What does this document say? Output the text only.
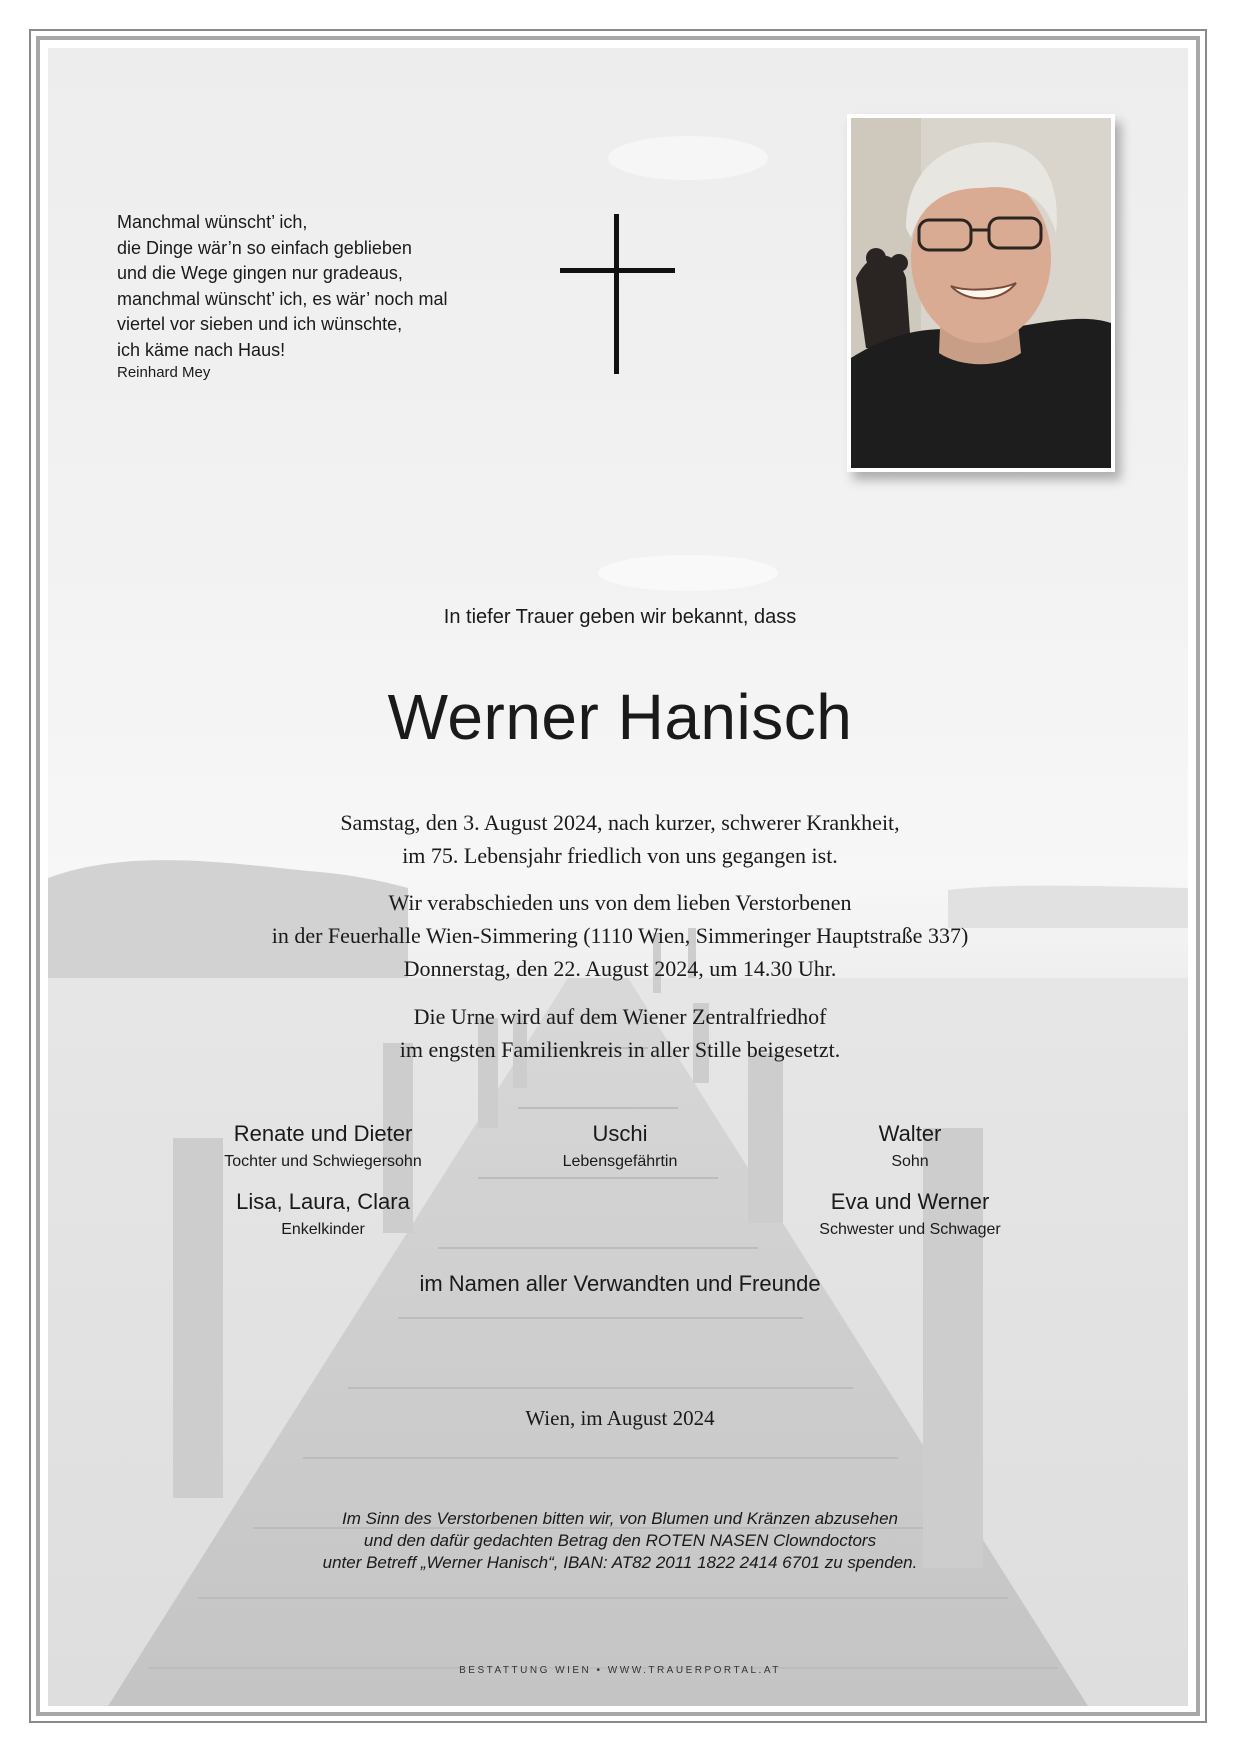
Manchmal wünscht’ ich,
die Dinge wär’n so einfach geblieben
und die Wege gingen nur gradeaus,
manchmal wünscht’ ich, es wär’ noch mal
viertel vor sieben und ich wünschte,
ich käme nach Haus!
Reinhard Mey
In tiefer Trauer geben wir bekannt, dass
Werner Hanisch
Samstag, den 3. August 2024, nach kurzer, schwerer Krankheit,
im 75. Lebensjahr friedlich von uns gegangen ist.
Wir verabschieden uns von dem lieben Verstorbenen
in der Feuerhalle Wien-Simmering (1110 Wien, Simmeringer Hauptstraße 337)
Donnerstag, den 22. August 2024, um 14.30 Uhr.
Die Urne wird auf dem Wiener Zentralfriedhof
im engsten Familienkreis in aller Stille beigesetzt.
Renate und Dieter
Tochter und Schwiegersohn
Uschi
Lebensgefährtin
Walter
Sohn
Lisa, Laura, Clara
Enkelkinder
Eva und Werner
Schwester und Schwager
im Namen aller Verwandten und Freunde
Wien, im August 2024
Im Sinn des Verstorbenen bitten wir, von Blumen und Kränzen abzusehen
und den dafür gedachten Betrag den ROTEN NASEN Clowndoctors
unter Betreff „Werner Hanisch“, IBAN: AT82 2011 1822 2414 6701 zu spenden.
BESTATTUNG WIEN • WWW.TRAUERPORTAL.AT
